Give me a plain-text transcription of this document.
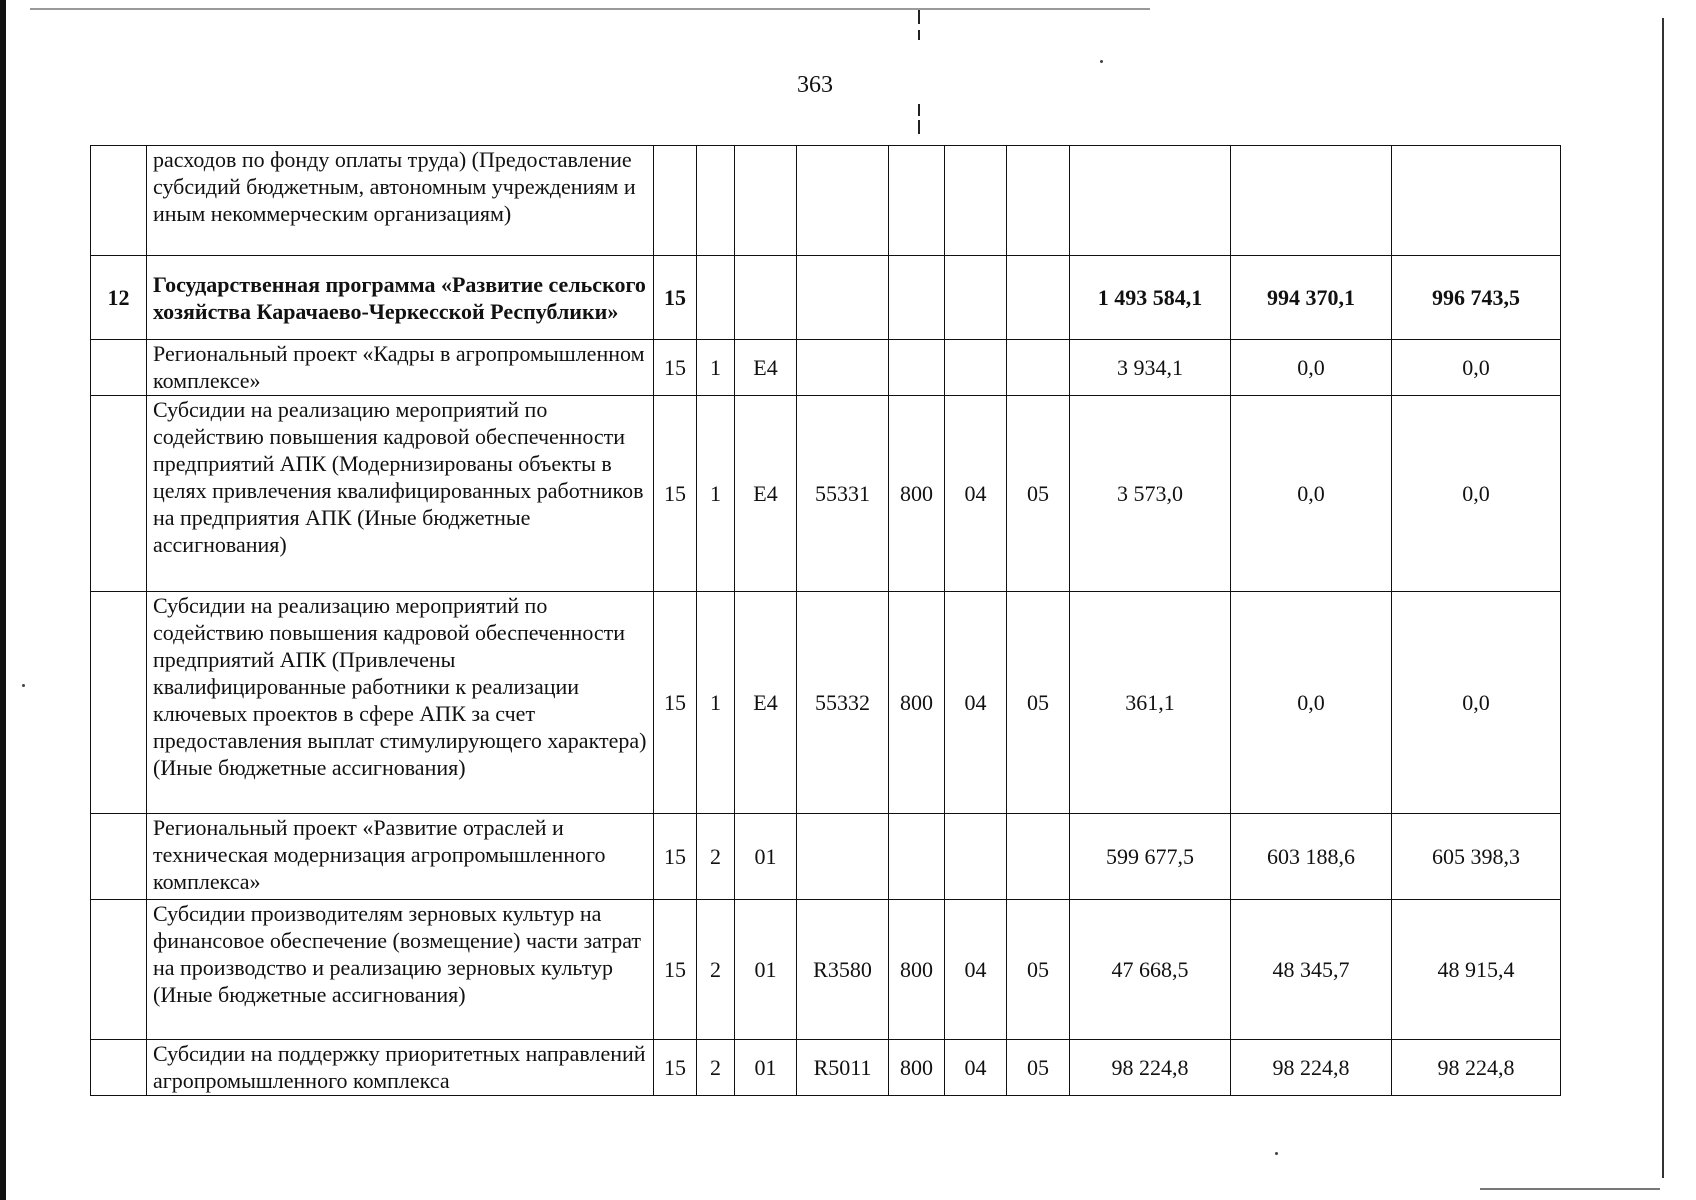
363
	расходов по фонду оплаты труда) (Предоставление субсидий бюджетным, автономным учреждениям и иным некоммерческим организациям)										
12	Государственная программа «Развитие сельского хозяйства Карачаево-Черкесской Республики»	15							1 493 584,1	994 370,1	996 743,5
	Региональный проект «Кадры в агропромышленном комплексе»	15	1	Е4					3 934,1	0,0	0,0
	Субсидии на реализацию мероприятий по содействию повышения кадровой обеспеченности предприятий АПК (Модернизированы объекты в целях привлечения квалифицированных работников на предприятия АПК (Иные бюджетные ассигнования)	15	1	Е4	55331	800	04	05	3 573,0	0,0	0,0
	Субсидии на реализацию мероприятий по содействию повышения кадровой обеспеченности предприятий АПК (Привлечены квалифицированные работники к реализации ключевых проектов в сфере АПК за счет предоставления выплат стимулирующего характера) (Иные бюджетные ассигнования)	15	1	Е4	55332	800	04	05	361,1	0,0	0,0
	Региональный проект «Развитие отраслей и техническая модернизация агропромышленного комплекса»	15	2	01					599 677,5	603 188,6	605 398,3
	Субсидии производителям зерновых культур на финансовое обеспечение (возмещение) части затрат на производство и реализацию зерновых культур (Иные бюджетные ассигнования)	15	2	01	R3580	800	04	05	47 668,5	48 345,7	48 915,4
	Субсидии на поддержку приоритетных направлений агропромышленного комплекса	15	2	01	R5011	800	04	05	98 224,8	98 224,8	98 224,8
